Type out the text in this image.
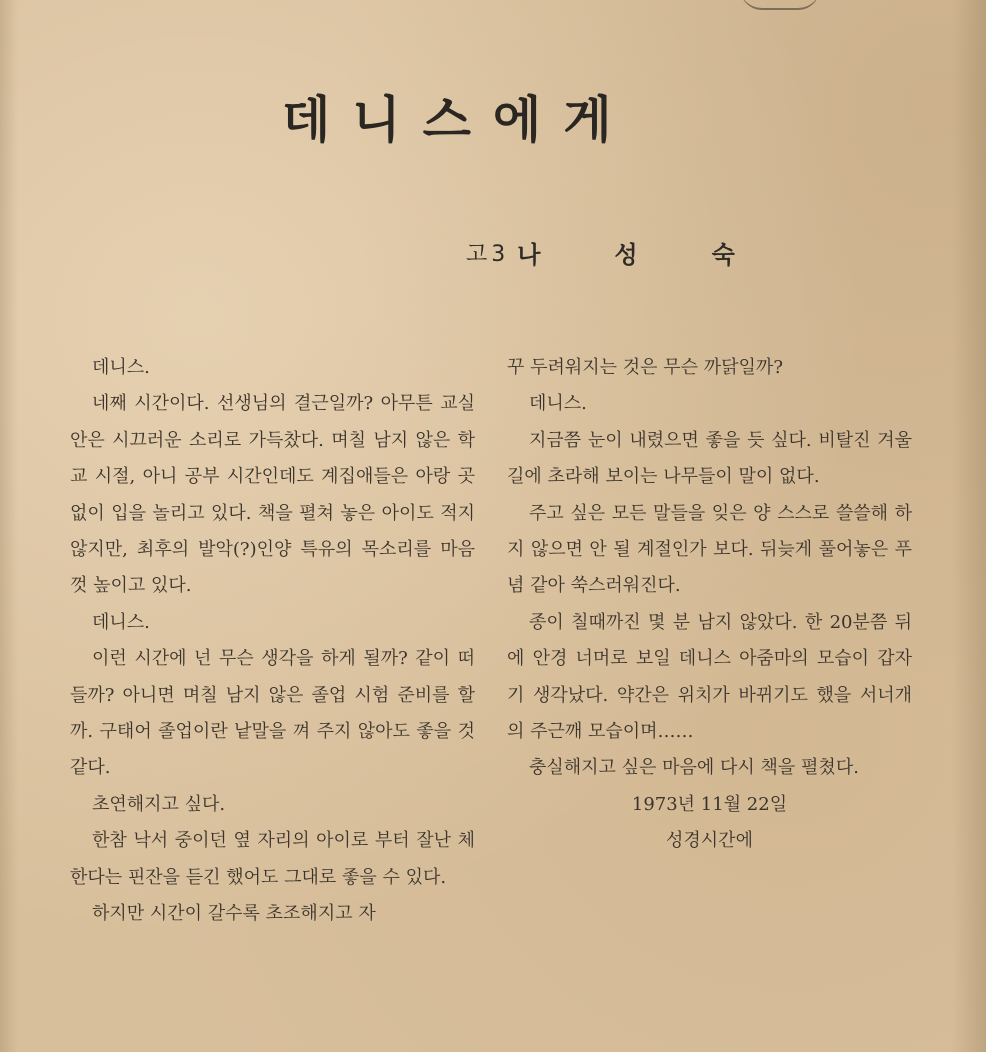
데니스에게
고3 나성숙

데니스.

네째 시간이다. 선생님의 결근일까? 아무튼 교실안은 시끄러운 소리로 가득찼다. 며칠 남지 않은 학교 시절, 아니 공부 시간인데도 계집애들은 아랑 곳 없이 입을 놀리고 있다. 책을 펼쳐 놓은 아이도 적지 않지만, 최후의 발악(?)인양 특유의 목소리를 마음껏 높이고 있다.

데니스.

이런 시간에 넌 무슨 생각을 하게 될까? 같이 떠들까? 아니면 며칠 남지 않은 졸업 시험 준비를 할까. 구태어 졸업이란 낱말을 껴 주지 않아도 좋을 것 같다.

초연해지고 싶다.

한참 낙서 중이던 옆 자리의 아이로 부터 잘난 체 한다는 핀잔을 듣긴 했어도 그대로 좋을 수 있다.

하지만 시간이 갈수록 초조해지고 자

꾸 두려워지는 것은 무슨 까닭일까?

데니스.

지금쯤 눈이 내렸으면 좋을 듯 싶다. 비탈진 겨울길에 초라해 보이는 나무들이 말이 없다.

주고 싶은 모든 말들을 잊은 양 스스로 쓸쓸해 하지 않으면 안 될 계절인가 보다. 뒤늦게 풀어놓은 푸념 같아 쑥스러워진다.

종이 칠때까진 몇 분 남지 않았다. 한 20분쯤 뒤에 안경 너머로 보일 데니스 아줌마의 모습이 갑자기 생각났다. 약간은 위치가 바뀌기도 했을 서너개의 주근깨 모습이며……

충실해지고 싶은 마음에 다시 책을 펼쳤다.

1973년 11월 22일
성경시간에
